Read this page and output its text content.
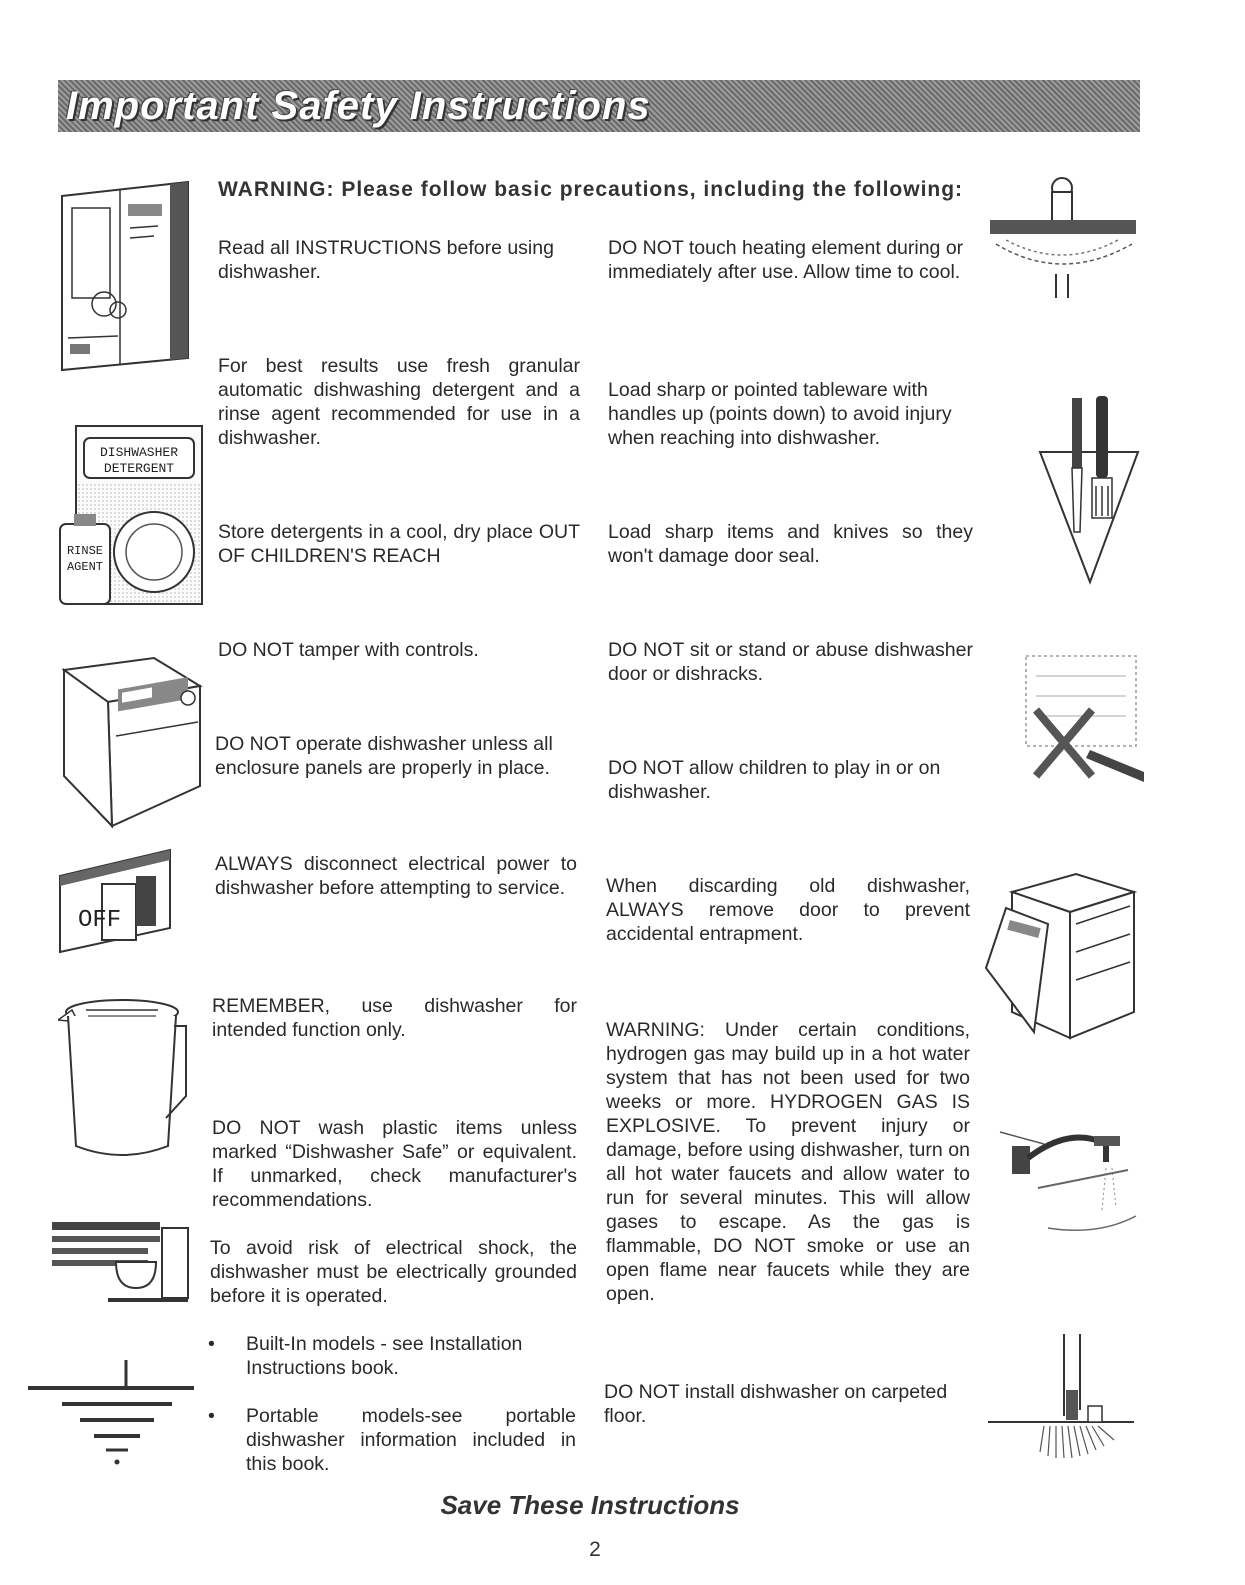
Important Safety Instructions
WARNING: Please follow basic precautions, including the following:
Read all INSTRUCTIONS before using dishwasher.
For best results use fresh granular automatic dishwashing detergent and a rinse agent recommended for use in a dishwasher.
Store detergents in a cool, dry place OUT OF CHILDREN'S REACH
DO NOT tamper with controls.
DO NOT operate dishwasher unless all enclosure panels are properly in place.
ALWAYS disconnect electrical power to dishwasher before attempting to service.
REMEMBER, use dishwasher for intended function only.
DO NOT wash plastic items unless marked “Dishwasher Safe” or equivalent. If unmarked, check manufacturer's recommendations.
To avoid risk of electrical shock, the dishwasher must be electrically grounded before it is operated.
• Built-In models - see Installation Instructions book.
• Portable models-see portable dishwasher information included in this book.
DO NOT touch heating element during or immediately after use. Allow time to cool.
Load sharp or pointed tableware with handles up (points down) to avoid injury when reaching into dishwasher.
Load sharp items and knives so they won't damage door seal.
DO NOT sit or stand or abuse dishwasher door or dishracks.
DO NOT allow children to play in or on dishwasher.
When discarding old dishwasher, ALWAYS remove door to prevent accidental entrapment.
WARNING: Under certain conditions, hydrogen gas may build up in a hot water system that has not been used for two weeks or more. HYDROGEN GAS IS EXPLOSIVE. To prevent injury or damage, before using dishwasher, turn on all hot water faucets and allow water to run for several minutes. This will allow gases to escape. As the gas is flammable, DO NOT smoke or use an open flame near faucets while they are open.
DO NOT install dishwasher on carpeted floor.
Save These Instructions
2
DISHWASHER
DETERGENT
RINSE
AGENT
OFF
